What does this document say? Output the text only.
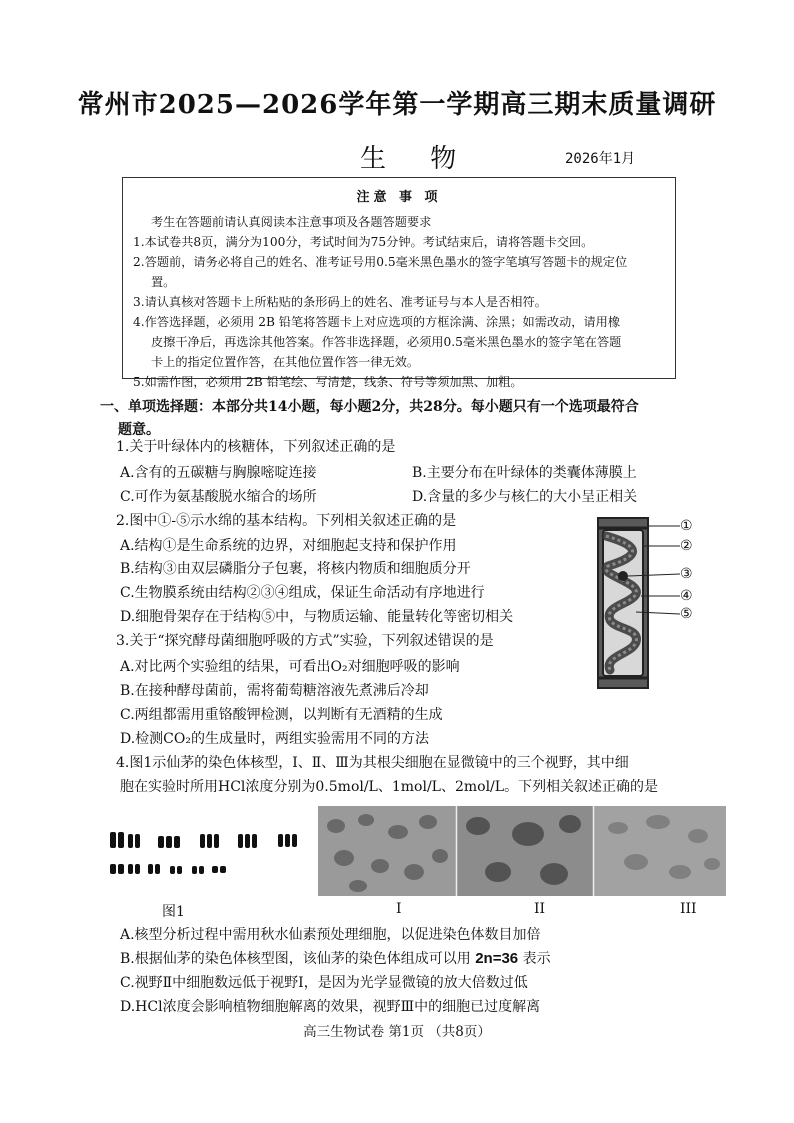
常州市2025—2026学年第一学期高三期末质量调研
生 物	2026年1月
注意 事 项
考生在答题前请认真阅读本注意事项及各题答题要求
1.本试卷共8页，满分为100分，考试时间为75分钟。考试结束后，请将答题卡交回。
2.答题前，请务必将自己的姓名、准考证号用0.5毫米黑色墨水的签字笔填写答题卡的规定位
置。
3.请认真核对答题卡上所粘贴的条形码上的姓名、准考证号与本人是否相符。
4.作答选择题，必须用 2B 铅笔将答题卡上对应选项的方框涂满、涂黑；如需改动，请用橡
皮擦干净后，再选涂其他答案。作答非选择题，必须用0.5毫米黑色墨水的签字笔在答题
卡上的指定位置作答，在其他位置作答一律无效。
5.如需作图，必须用 2B 铅笔绘、写清楚，线条、符号等须加黑、加粗。
一、单项选择题：本部分共14小题，每小题2分，共28分。每小题只有一个选项最符合
题意。
1.关于叶绿体内的核糖体，下列叙述正确的是
A.含有的五碳糖与胸腺嘧啶连接	B.主要分布在叶绿体的类囊体薄膜上
C.可作为氨基酸脱水缩合的场所	D.含量的多少与核仁的大小呈正相关
2.图中①-⑤示水绵的基本结构。下列相关叙述正确的是
A.结构①是生命系统的边界，对细胞起支持和保护作用
B.结构③由双层磷脂分子包裹，将核内物质和细胞质分开
C.生物膜系统由结构②③④组成，保证生命活动有序地进行
D.细胞骨架存在于结构⑤中，与物质运输、能量转化等密切相关
①
②
③
④
⑤
3.关于“探究酵母菌细胞呼吸的方式”实验，下列叙述错误的是
A.对比两个实验组的结果，可看出O₂对细胞呼吸的影响
B.在接种酵母菌前，需将葡萄糖溶液先煮沸后冷却
C.两组都需用重铬酸钾检测，以判断有无酒精的生成
D.检测CO₂的生成量时，两组实验需用不同的方法
4.图1示仙茅的染色体核型，Ⅰ、Ⅱ、Ⅲ为其根尖细胞在显微镜中的三个视野，其中细
胞在实验时所用HCl浓度分别为0.5mol/L、1mol/L、2mol/L。下列相关叙述正确的是
图1	I	II	III
A.核型分析过程中需用秋水仙素预处理细胞，以促进染色体数目加倍
B.根据仙茅的染色体核型图，该仙茅的染色体组成可以用 2n=36 表示
C.视野Ⅱ中细胞数远低于视野Ⅰ，是因为光学显微镜的放大倍数过低
D.HCl浓度会影响植物细胞解离的效果，视野Ⅲ中的细胞已过度解离
高三生物试卷 第1页 （共8页）
